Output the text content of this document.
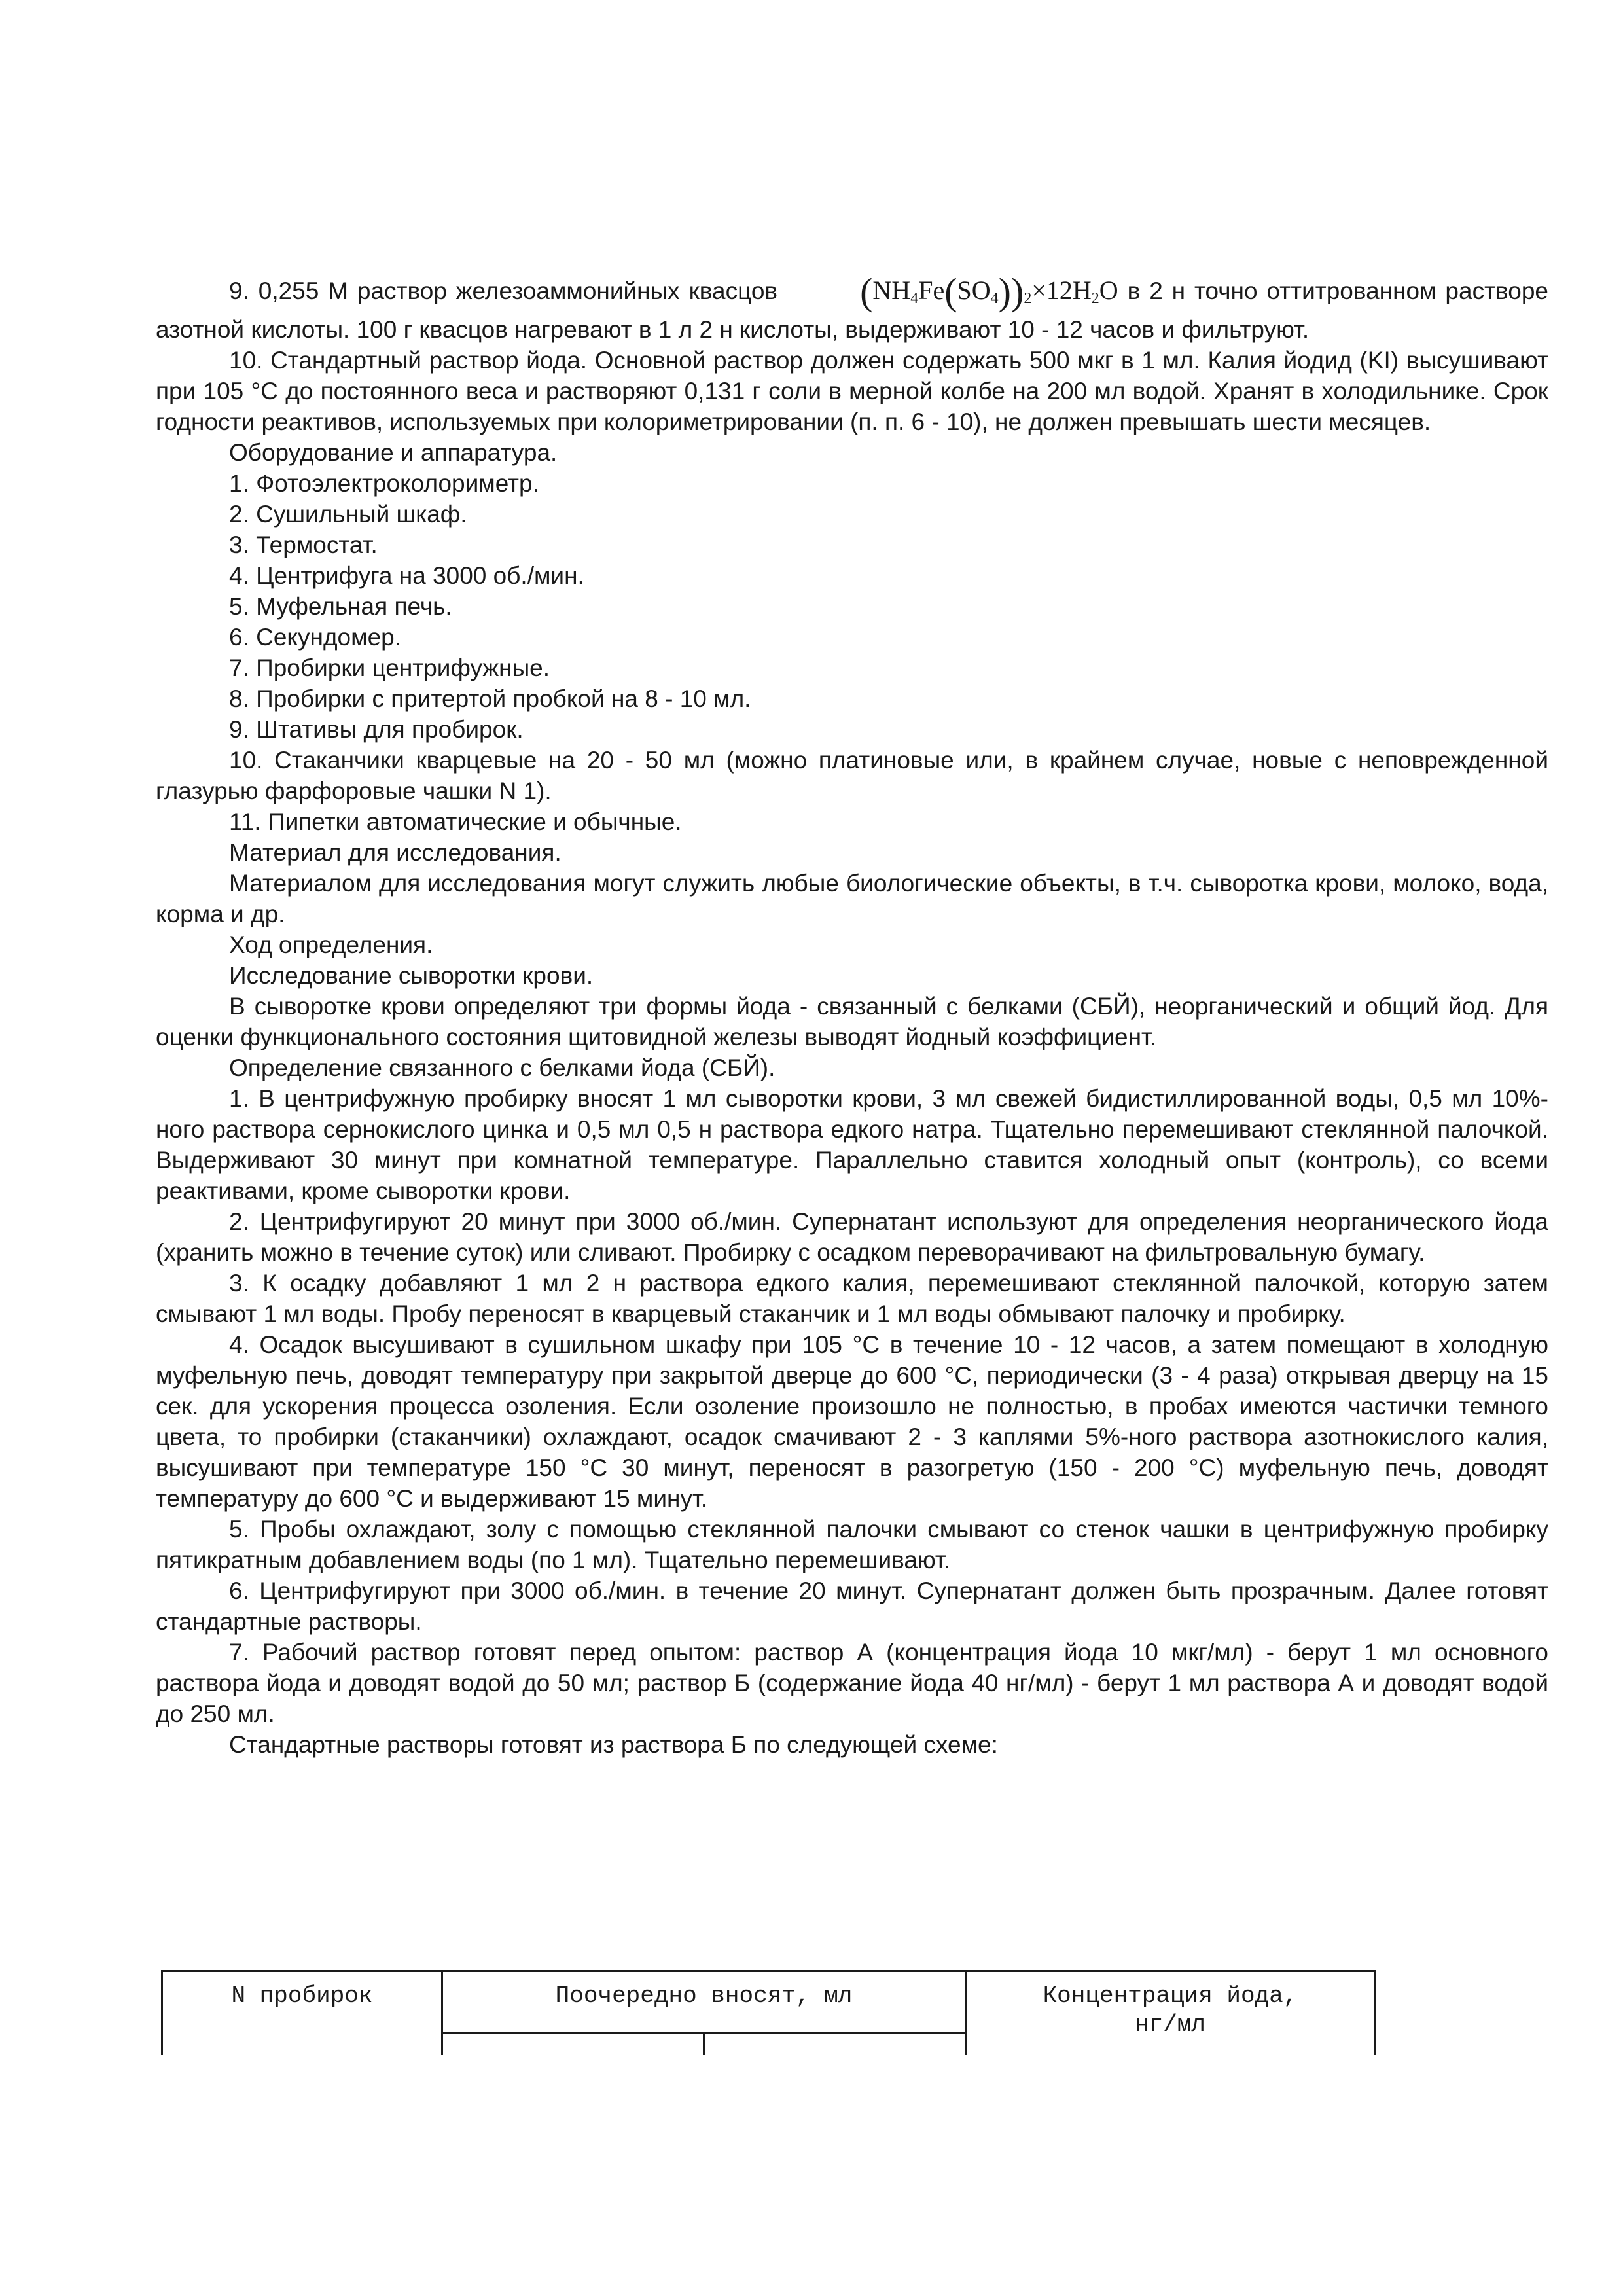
9. 0,255 М раствор железоаммонийных квасцов $(NH_4Fe(SO_4))_2\times 12H_2O$ в 2 н точно оттитрованном растворе азотной кислоты. 100 г квасцов нагревают в 1 л 2 н кислоты, выдерживают 10 - 12 часов и фильтруют.

10. Стандартный раствор йода. Основной раствор должен содержать 500 мкг в 1 мл. Калия йодид (KI) высушивают при 105 °С до постоянного веса и растворяют 0,131 г соли в мерной колбе на 200 мл водой. Хранят в холодильнике. Срок годности реактивов, используемых при колориметрировании (п. п. 6 - 10), не должен превышать шести месяцев.

Оборудование и аппаратура.

1. Фотоэлектроколориметр.

2. Сушильный шкаф.

3. Термостат.

4. Центрифуга на 3000 об./мин.

5. Муфельная печь.

6. Секундомер.

7. Пробирки центрифужные.

8. Пробирки с притертой пробкой на 8 - 10 мл.

9. Штативы для пробирок.

10. Стаканчики кварцевые на 20 - 50 мл (можно платиновые или, в крайнем случае, новые с неповрежденной глазурью фарфоровые чашки N 1).

11. Пипетки автоматические и обычные.

Материал для исследования.

Материалом для исследования могут служить любые биологические объекты, в т.ч. сыворотка крови, молоко, вода, корма и др.

Ход определения.

Исследование сыворотки крови.

В сыворотке крови определяют три формы йода - связанный с белками (СБЙ), неорганический и общий йод. Для оценки функционального состояния щитовидной железы выводят йодный коэффициент.

Определение связанного с белками йода (СБЙ).

1. В центрифужную пробирку вносят 1 мл сыворотки крови, 3 мл свежей бидистиллированной воды, 0,5 мл 10%-ного раствора сернокислого цинка и 0,5 мл 0,5 н раствора едкого натра. Тщательно перемешивают стеклянной палочкой. Выдерживают 30 минут при комнатной температуре. Параллельно ставится холодный опыт (контроль), со всеми реактивами, кроме сыворотки крови.

2. Центрифугируют 20 минут при 3000 об./мин. Супернатант используют для определения неорганического йода (хранить можно в течение суток) или сливают. Пробирку с осадком переворачивают на фильтровальную бумагу.

3. К осадку добавляют 1 мл 2 н раствора едкого калия, перемешивают стеклянной палочкой, которую затем смывают 1 мл воды. Пробу переносят в кварцевый стаканчик и 1 мл воды обмывают палочку и пробирку.

4. Осадок высушивают в сушильном шкафу при 105 °С в течение 10 - 12 часов, а затем помещают в холодную муфельную печь, доводят температуру при закрытой дверце до 600 °С, периодически (3 - 4 раза) открывая дверцу на 15 сек. для ускорения процесса озоления. Если озоление произошло не полностью, в пробах имеются частички темного цвета, то пробирки (стаканчики) охлаждают, осадок смачивают 2 - 3 каплями 5%-ного раствора азотнокислого калия, высушивают при температуре 150 °С 30 минут, переносят в разогретую (150 - 200 °С) муфельную печь, доводят температуру до 600 °С и выдерживают 15 минут.

5. Пробы охлаждают, золу с помощью стеклянной палочки смывают со стенок чашки в центрифужную пробирку пятикратным добавлением воды (по 1 мл). Тщательно перемешивают.

6. Центрифугируют при 3000 об./мин. в течение 20 минут. Супернатант должен быть прозрачным. Далее готовят стандартные растворы.

7. Рабочий раствор готовят перед опытом: раствор А (концентрация йода 10 мкг/мл) - берут 1 мл основного раствора йода и доводят водой до 50 мл; раствор Б (содержание йода 40 нг/мл) - берут 1 мл раствора А и доводят водой до 250 мл.

Стандартные растворы готовят из раствора Б по следующей схеме:

N пробирок	Поочередно вносят, мл	Концентрация йода,
нг/мл
